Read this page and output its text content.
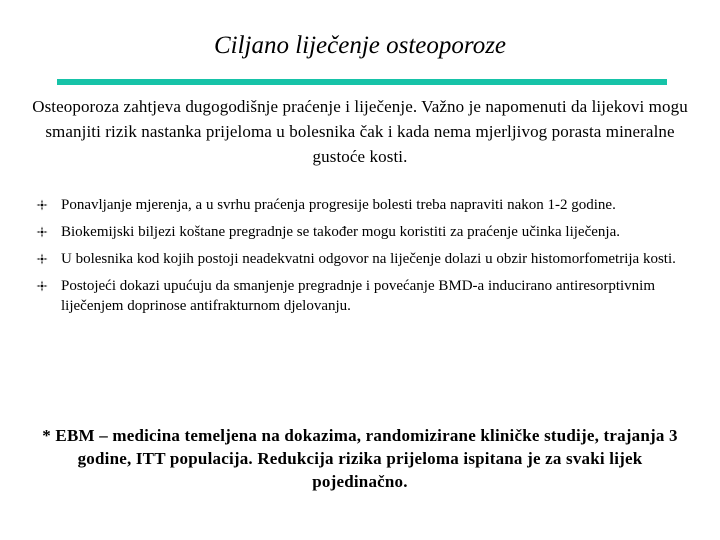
Ciljano liječenje osteoporoze
Osteoporoza zahtjeva dugogodišnje praćenje i liječenje. Važno je napomenuti da lijekovi mogu smanjiti rizik nastanka prijeloma u bolesnika čak i kada nema mjerljivog porasta mineralne gustoće kosti.
Ponavljanje mjerenja, a u svrhu praćenja progresije bolesti treba napraviti nakon 1-2 godine.
Biokemijski biljezi koštane pregradnje se također mogu koristiti za praćenje učinka liječenja.
U bolesnika kod kojih postoji neadekvatni odgovor na liječenje dolazi u obzir histomorfometrija kosti.
Postojeći dokazi upućuju da smanjenje pregradnje i povećanje BMD-a inducirano antiresorptivnim liječenjem doprinose antifrakturnom djelovanju.
* EBM – medicina temeljena na dokazima, randomizirane kliničke studije, trajanja 3 godine, ITT populacija. Redukcija rizika prijeloma ispitana je za svaki lijek pojedinačno.
